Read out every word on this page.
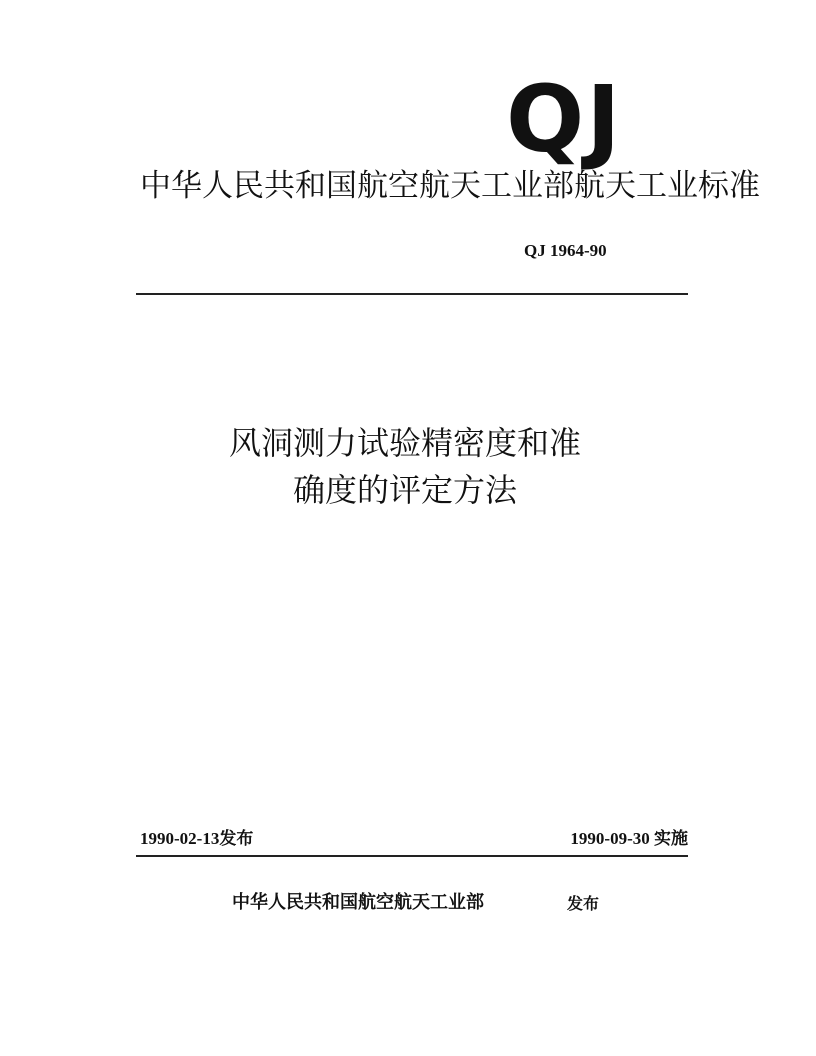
QJ
中华人民共和国航空航天工业部航天工业标准
QJ 1964-90
风洞测力试验精密度和准
确度的评定方法
1990-02-13发布	1990-09-30 实施
中华人民共和国航空航天工业部	发布
